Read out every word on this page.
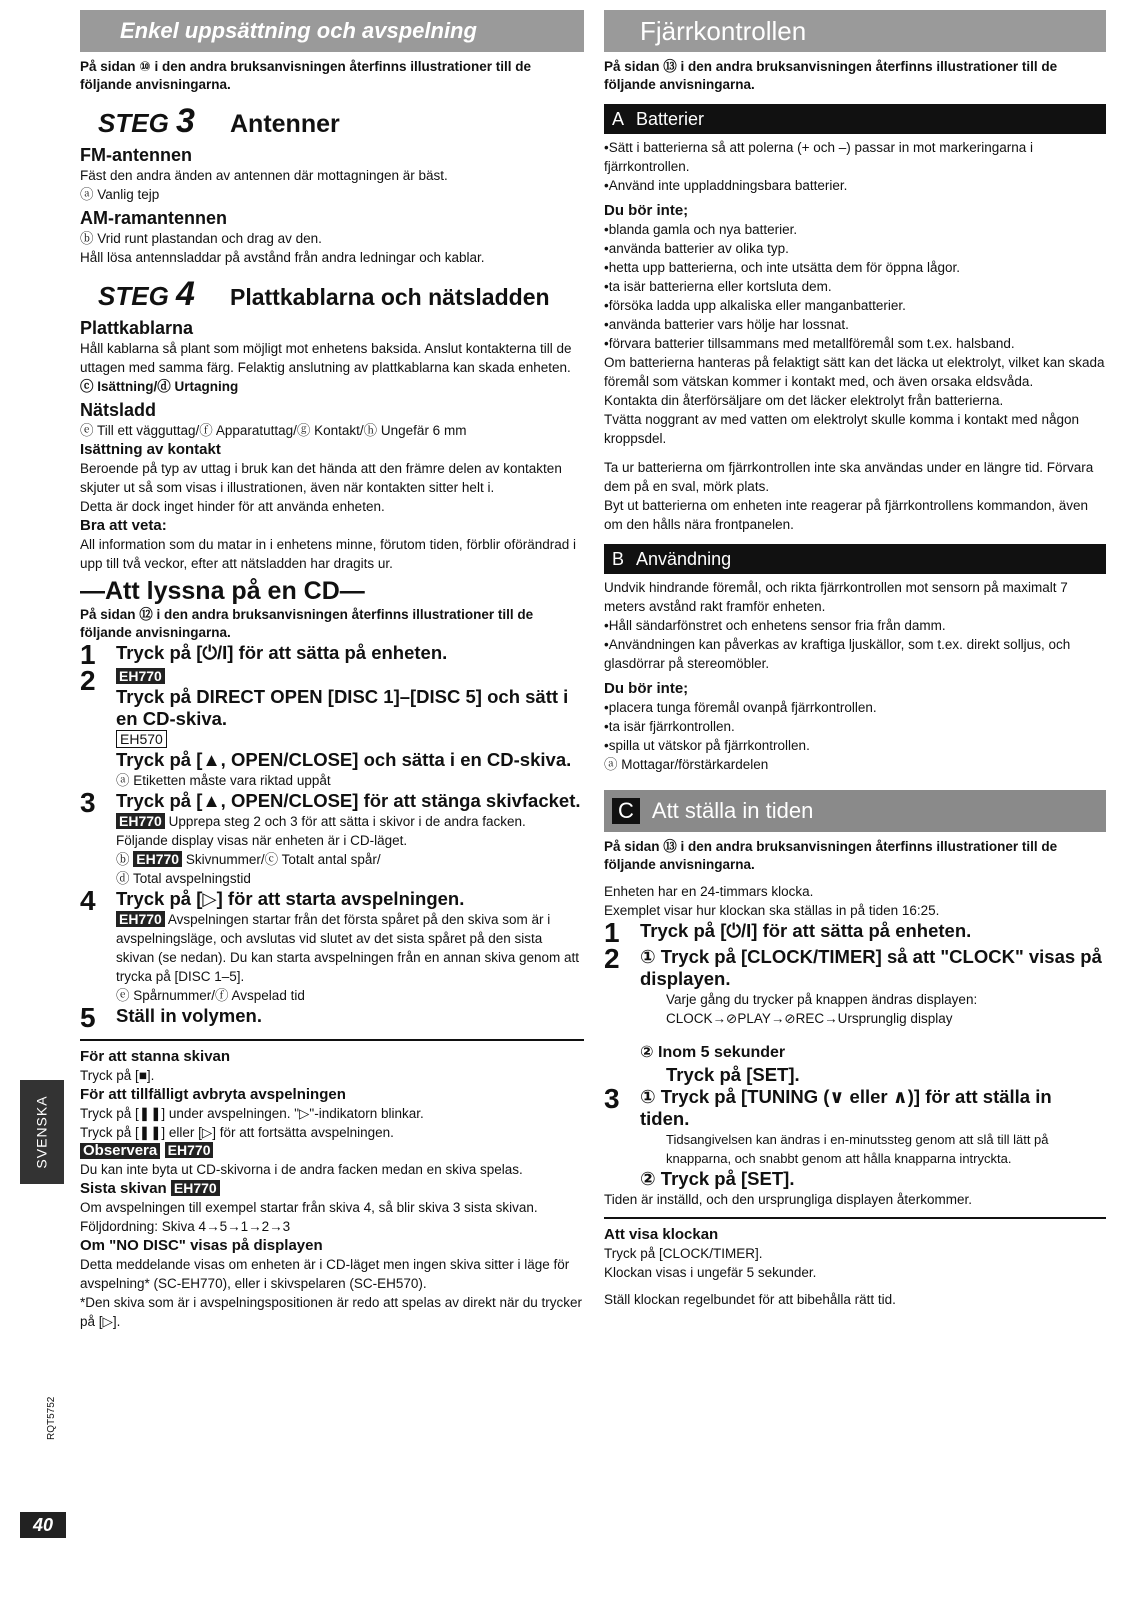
Enkel uppsättning och avspelning
På sidan ⑩ i den andra bruksanvisningen återfinns illustrationer till de följande anvisningarna.
STEG 3	Antenner
FM-antennen
Fäst den andra änden av antennen där mottagningen är bäst.
ⓐ Vanlig tejp
AM-ramantennen
ⓑ Vrid runt plastandan och drag av den.
Håll lösa antennsladdar på avstånd från andra ledningar och kablar.
STEG 4	Plattkablarna och nätsladden
Plattkablarna
Håll kablarna så plant som möjligt mot enhetens baksida. Anslut kontakterna till de uttagen med samma färg. Felaktig anslutning av plattkablarna kan skada enheten.
ⓒ Isättning/ⓓ Urtagning
Nätsladd
ⓔ Till ett vägguttag/ⓕ Apparatuttag/ⓖ Kontakt/ⓗ Ungefär 6 mm
Isättning av kontakt
Beroende på typ av uttag i bruk kan det hända att den främre delen av kontakten skjuter ut så som visas i illustrationen, även när kontakten sitter helt i.
Detta är dock inget hinder för att använda enheten.
Bra att veta:
All information som du matar in i enhetens minne, förutom tiden, förblir oförändrad i upp till två veckor, efter att nätsladden har dragits ur.
—Att lyssna på en CD—
På sidan ⑫ i den andra bruksanvisningen återfinns illustrationer till de följande anvisningarna.
1	Tryck på [⏻/I] för att sätta på enheten.
2	EH770
Tryck på DIRECT OPEN [DISC 1]–[DISC 5] och sätt i en CD-skiva.
EH570
Tryck på [▲, OPEN/CLOSE] och sätta i en CD-skiva.
ⓐ Etiketten måste vara riktad uppåt
3	Tryck på [▲, OPEN/CLOSE] för att stänga skivfacket.
EH770 Upprepa steg 2 och 3 för att sätta i skivor i de andra facken.
Följande display visas när enheten är i CD-läget.
ⓑ EH770 Skivnummer/ⓒ Totalt antal spår/
ⓓ Total avspelningstid
4	Tryck på [▷] för att starta avspelningen.
EH770 Avspelningen startar från det första spåret på den skiva som är i avspelningsläge, och avslutas vid slutet av det sista spåret på den sista skivan (se nedan). Du kan starta avspelningen från en annan skiva genom att trycka på [DISC 1–5].
ⓔ Spårnummer/ⓕ Avspelad tid
5	Ställ in volymen.
För att stanna skivan
Tryck på [■].
För att tillfälligt avbryta avspelningen
Tryck på [❚❚] under avspelningen. "▷"-indikatorn blinkar.
Tryck på [❚❚] eller [▷] för att fortsätta avspelningen.
Observera EH770
Du kan inte byta ut CD-skivorna i de andra facken medan en skiva spelas.
Sista skivan EH770
Om avspelningen till exempel startar från skiva 4, så blir skiva 3 sista skivan.
Följdordning: Skiva 4→5→1→2→3
Om "NO DISC" visas på displayen
Detta meddelande visas om enheten är i CD-läget men ingen skiva sitter i läge för avspelning* (SC-EH770), eller i skivspelaren (SC-EH570).
*Den skiva som är i avspelningspositionen är redo att spelas av direkt när du trycker på [▷].
Fjärrkontrollen
På sidan ⑬ i den andra bruksanvisningen återfinns illustrationer till de följande anvisningarna.
A Batterier
•Sätt i batterierna så att polerna (+ och –) passar in mot markeringarna i fjärrkontrollen.
•Använd inte uppladdningsbara batterier.
Du bör inte;
•blanda gamla och nya batterier.
•använda batterier av olika typ.
•hetta upp batterierna, och inte utsätta dem för öppna lågor.
•ta isär batterierna eller kortsluta dem.
•försöka ladda upp alkaliska eller manganbatterier.
•använda batterier vars hölje har lossnat.
•förvara batterier tillsammans med metallföremål som t.ex. halsband.
Om batterierna hanteras på felaktigt sätt kan det läcka ut elektrolyt, vilket kan skada föremål som vätskan kommer i kontakt med, och även orsaka eldsvåda.
Kontakta din återförsäljare om det läcker elektrolyt från batterierna.
Tvätta noggrant av med vatten om elektrolyt skulle komma i kontakt med någon kroppsdel.
Ta ur batterierna om fjärrkontrollen inte ska användas under en längre tid. Förvara dem på en sval, mörk plats.
Byt ut batterierna om enheten inte reagerar på fjärrkontrollens kommandon, även om den hålls nära frontpanelen.
B Användning
Undvik hindrande föremål, och rikta fjärrkontrollen mot sensorn på maximalt 7 meters avstånd rakt framför enheten.
•Håll sändarfönstret och enhetens sensor fria från damm.
•Användningen kan påverkas av kraftiga ljuskällor, som t.ex. direkt solljus, och glasdörrar på stereomöbler.
Du bör inte;
•placera tunga föremål ovanpå fjärrkontrollen.
•ta isär fjärrkontrollen.
•spilla ut vätskor på fjärrkontrollen.
ⓐ Mottagar/förstärkardelen
C Att ställa in tiden
På sidan ⑬ i den andra bruksanvisningen återfinns illustrationer till de följande anvisningarna.
Enheten har en 24-timmars klocka.
Exemplet visar hur klockan ska ställas in på tiden 16:25.
1	Tryck på [⏻/I] för att sätta på enheten.
2	① Tryck på [CLOCK/TIMER] så att "CLOCK" visas på displayen.
Varje gång du trycker på knappen ändras displayen:
CLOCK→⊘PLAY→⊘REC→Ursprunglig display
② Inom 5 sekunder
Tryck på [SET].
3	① Tryck på [TUNING (∨ eller ∧)] för att ställa in tiden.
Tidsangivelsen kan ändras i en-minutssteg genom att slå till lätt på knapparna, och snabbt genom att hålla knapparna intryckta.
② Tryck på [SET].
Tiden är inställd, och den ursprungliga displayen återkommer.
Att visa klockan
Tryck på [CLOCK/TIMER].
Klockan visas i ungefär 5 sekunder.
Ställ klockan regelbundet för att bibehålla rätt tid.
SVENSKA
RQT5752
40
